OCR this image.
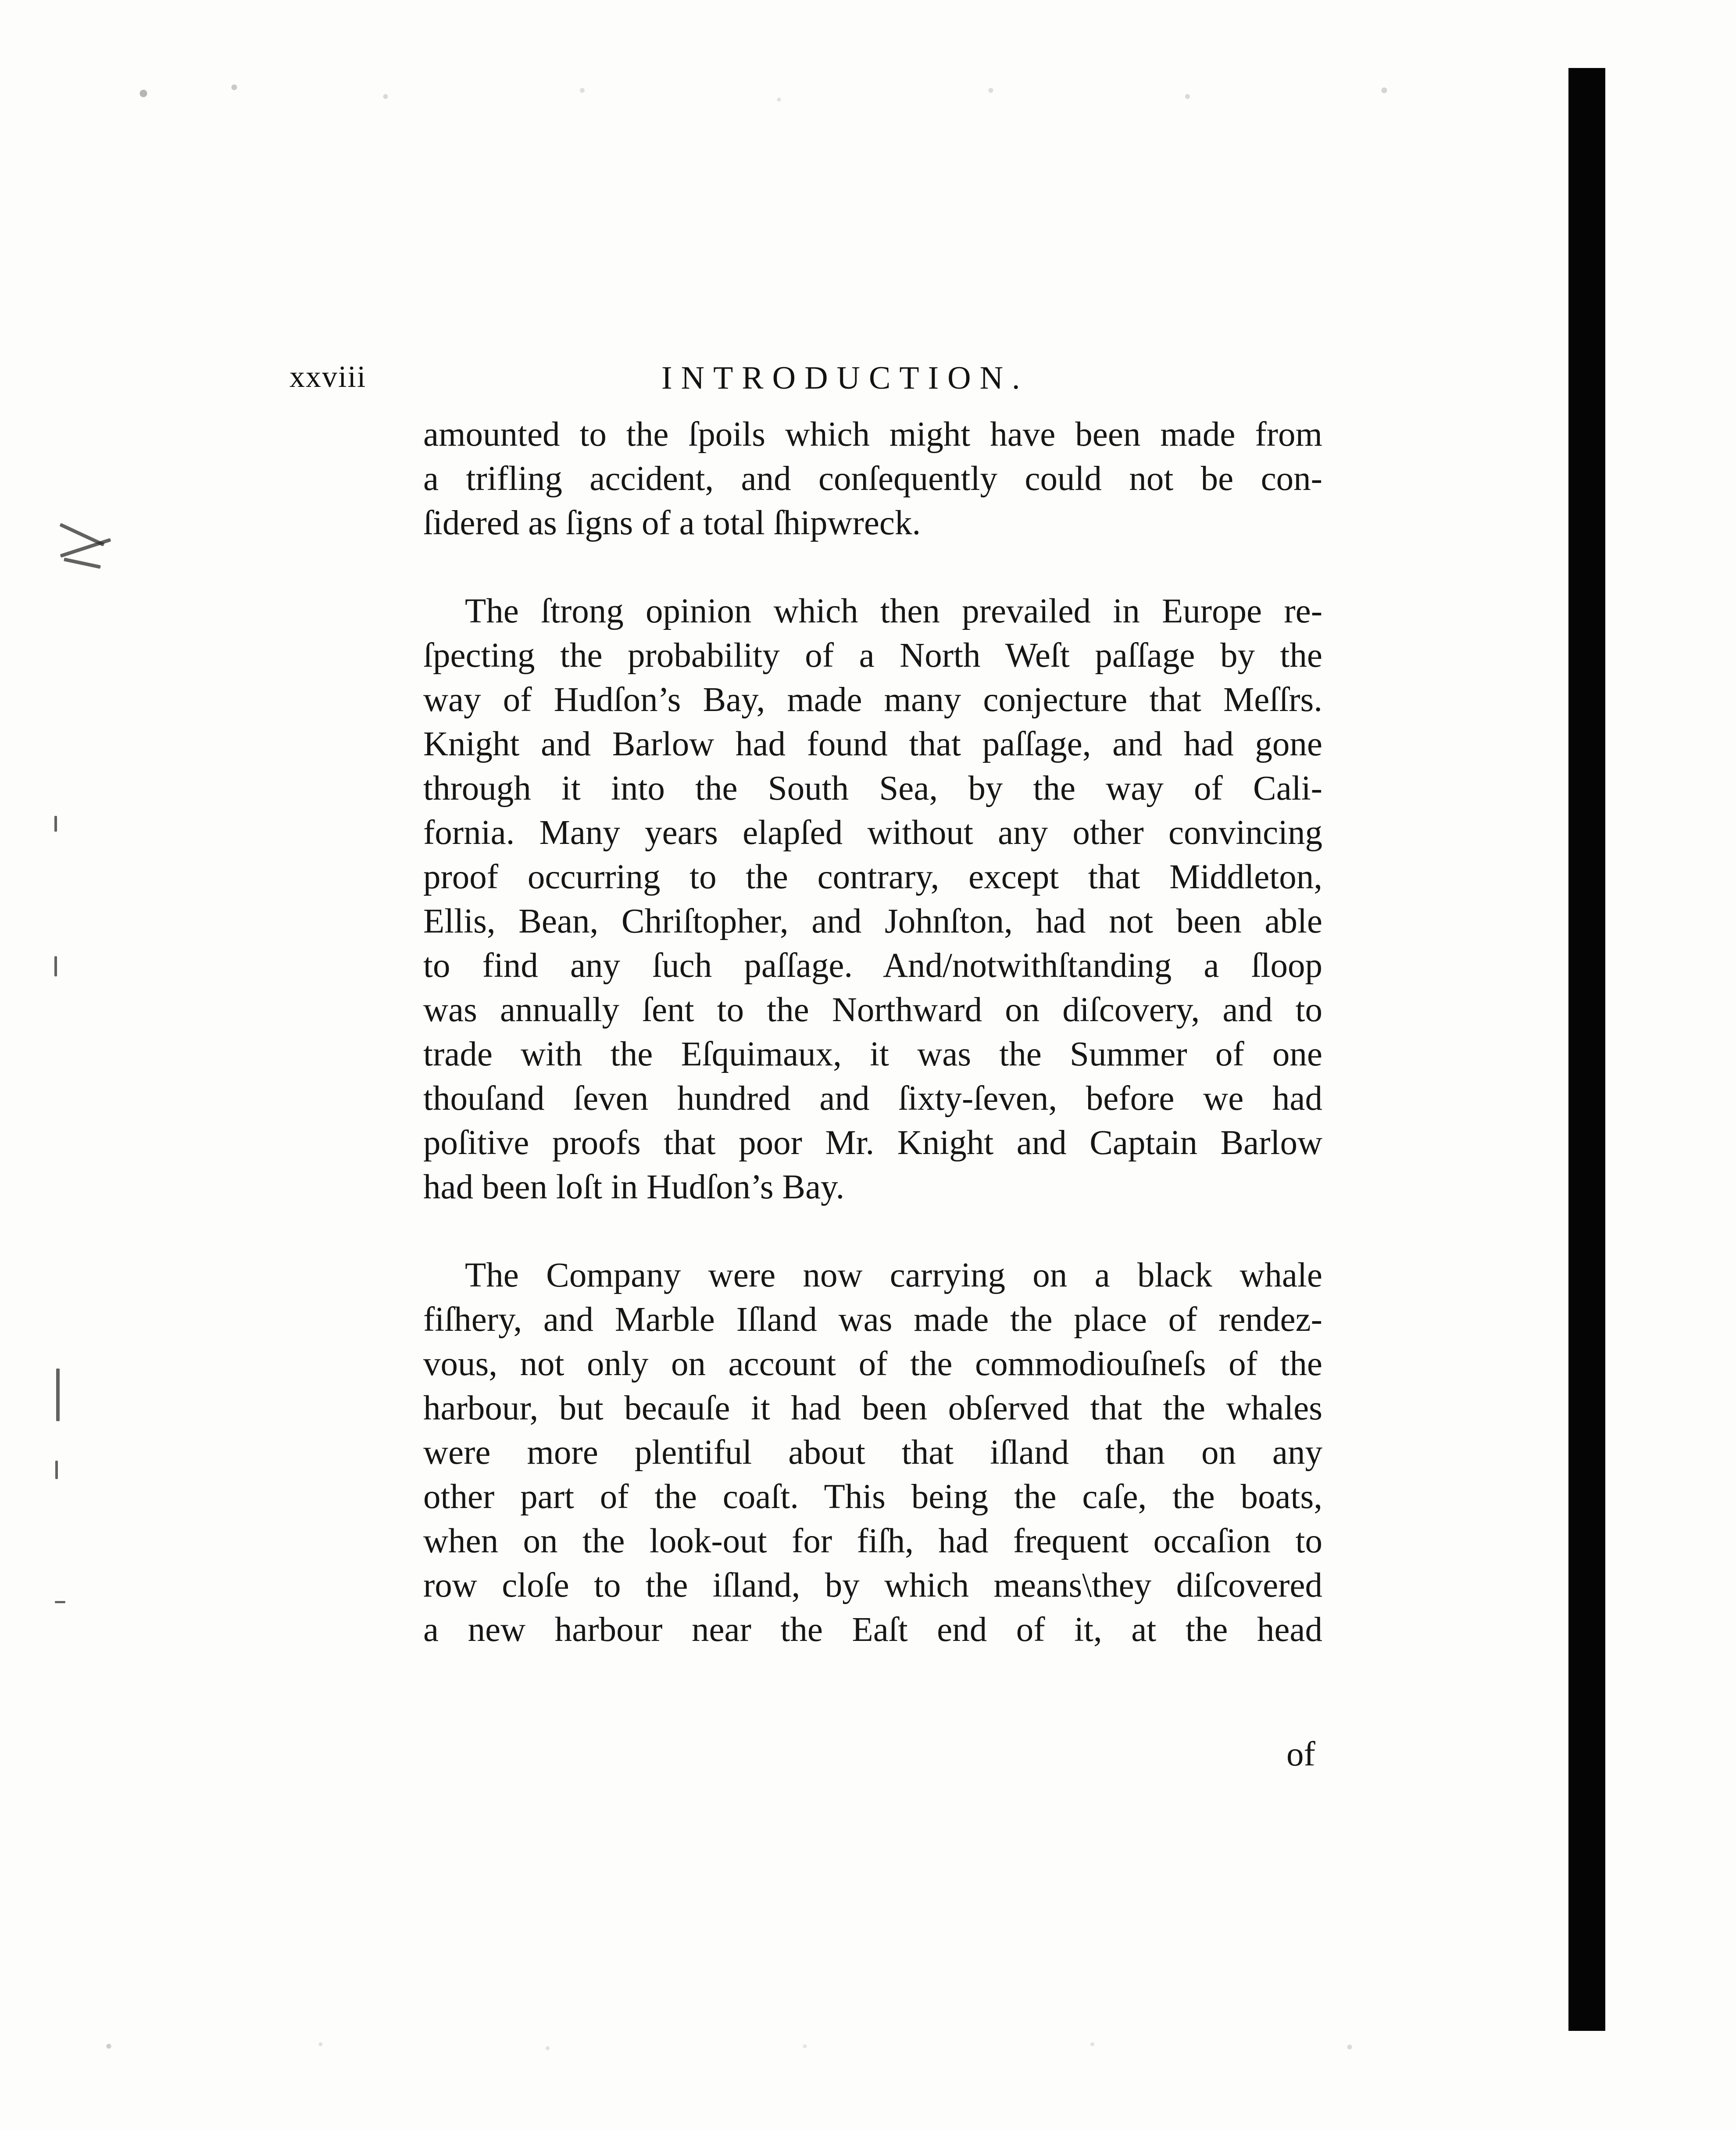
xxviii	INTRODUCTION.

amounted to the ſpoils which might have been made from
a trifling accident, and conſequently could not be con-
ſidered as ſigns of a total ſhipwreck.

The ſtrong opinion which then prevailed in Europe re-
ſpecting the probability of a North Weſt paſſage by the
way of Hudſon’s Bay, made many conjecture that Meſſrs.
Knight and Barlow had found that paſſage, and had gone
through it into the South Sea, by the way of Cali-
fornia. Many years elapſed without any other convincing
proof occurring to the contrary, except that Middleton,
Ellis, Bean, Chriſtopher, and Johnſton, had not been able
to find any ſuch paſſage. And/notwithſtanding a ſloop
was annually ſent to the Northward on diſcovery, and to
trade with the Eſquimaux, it was the Summer of one
thouſand ſeven hundred and ſixty-ſeven, before we had
poſitive proofs that poor Mr. Knight and Captain Barlow
had been loſt in Hudſon’s Bay.

The Company were now carrying on a black whale
fiſhery, and Marble Iſland was made the place of rendez-
vous, not only on account of the commodiouſneſs of the
harbour, but becauſe it had been obſerved that the whales
were more plentiful about that iſland than on any
other part of the coaſt. This being the caſe, the boats,
when on the look-out for fiſh, had frequent occaſion to
row cloſe to the iſland, by which means\they diſcovered
a new harbour near the Eaſt end of it, at the head

of
